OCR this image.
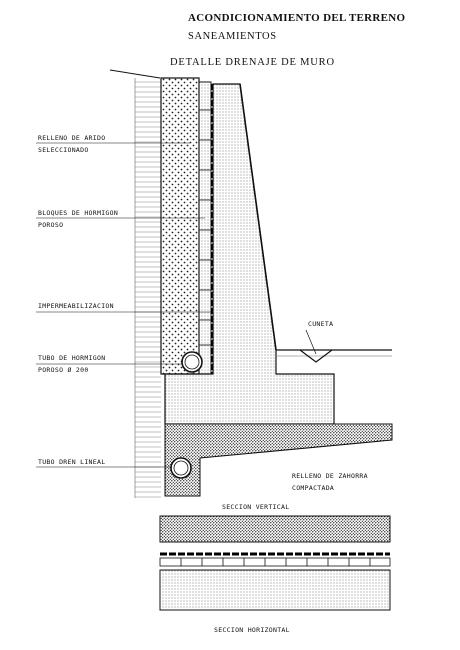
ACONDICIONAMIENTO DEL TERRENO
SANEAMIENTOS
DETALLE DRENAJE DE MURO
RELLENO DE ARIDO
SELECCIONADO
BLOQUES DE HORMIGON
POROSO
IMPERMEABILIZACION
TUBO DE HORMIGON
POROSO Ø 200
TUBO DREN LINEAL
CUNETA
RELLENO DE ZAHORRA
COMPACTADA
SECCION VERTICAL
SECCION HORIZONTAL
